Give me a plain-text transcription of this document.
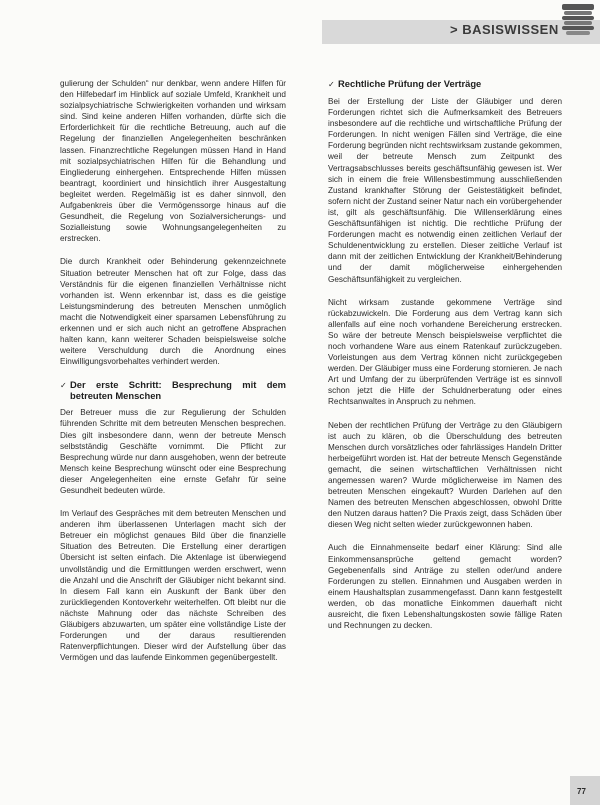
> BASISWISSEN

gulierung der Schulden“ nur denkbar, wenn andere Hilfen für den Hilfebedarf im Hinblick auf soziale Umfeld, Krankheit und sozialpsychiatrische Schwierigkeiten vorhanden und wirksam sind. Sind keine anderen Hilfen vorhanden, dürfte sich die Erforderlichkeit für die rechtliche Betreuung, auch auf die Regelung der finanziellen Angelegenheiten beschränken lassen. Finanzrechtliche Regelungen müssen Hand in Hand mit sozialpsychiatrischen Hilfen für die Behandlung und Eingliederung einhergehen. Entsprechende Hilfen müssen beantragt, koordiniert und hinsichtlich ihrer Ausgestaltung begleitet werden. Regelmäßig ist es daher sinnvoll, den Aufgabenkreis über die Vermögenssorge hinaus auf die Gesundheit, die Regelung von Sozialversicherungs- und Sozialleistung sowie Wohnungsangelegenheiten zu erstrecken.

Die durch Krankheit oder Behinderung gekennzeichnete Situation betreuter Menschen hat oft zur Folge, dass das Verständnis für die eigenen finanziellen Verhältnisse nicht vorhanden ist. Wenn erkennbar ist, dass es die geistige Leistungsminderung des betreuten Menschen unmöglich macht die Notwendigkeit einer sparsamen Lebensführung zu erkennen und er sich auch nicht an getroffene Absprachen halten kann, kann weiterer Schaden beispielsweise solche weitere Verschuldung durch die Anordnung eines Einwilligungsvorbehaltes verhindert werden.

✓ Der erste Schritt: Besprechung mit dem betreuten Menschen

Der Betreuer muss die zur Regulierung der Schulden führenden Schritte mit dem betreuten Menschen besprechen. Dies gilt insbesondere dann, wenn der betreute Mensch selbstständig Geschäfte vornimmt. Die Pflicht zur Besprechung würde nur dann ausgehoben, wenn der betreute Mensch keine Besprechung wünscht oder eine Besprechung dieser Angelegenheiten eine ernste Gefahr für seine Gesundheit bedeuten würde.

Im Verlauf des Gespräches mit dem betreuten Menschen und anderen ihm überlassenen Unterlagen macht sich der Betreuer ein möglichst genaues Bild über die finanzielle Situation des Betreuten. Die Erstellung einer derartigen Übersicht ist selten einfach. Die Aktenlage ist überwiegend unvollständig und die Ermittlungen werden erschwert, wenn die Anzahl und die Anschrift der Gläubiger nicht bekannt sind. In diesem Fall kann ein Auskunft der Bank über den zurückliegenden Kontoverkehr weiterhelfen. Oft bleibt nur die nächste Mahnung oder das nächste Schreiben des Gläubigers abzuwarten, um später eine vollständige Liste der Forderungen und der daraus resultierenden Ratenverpflichtungen. Dieser wird der Aufstellung über das Vermögen und das laufende Einkommen gegenübergestellt.

✓ Rechtliche Prüfung der Verträge

Bei der Erstellung der Liste der Gläubiger und deren Forderungen richtet sich die Aufmerksamkeit des Betreuers insbesondere auf die rechtliche und wirtschaftliche Prüfung der Forderungen. In nicht wenigen Fällen sind Verträge, die eine Forderung begründen nicht rechtswirksam zustande gekommen, weil der betreute Mensch zum Zeitpunkt des Vertragsabschlusses bereits geschäftsunfähig gewesen ist. Wer sich in einem die freie Willensbestimmung ausschließenden Zustand krankhafter Störung der Geistestätigkeit befindet, sofern nicht der Zustand seiner Natur nach ein vorübergehender ist, gilt als geschäftsunfähig. Die Willenserklärung eines Geschäftsunfähigen ist nichtig. Die rechtliche Prüfung der Forderungen macht es notwendig einen zeitlichen Verlauf der Schuldenentwicklung zu erstellen. Dieser zeitliche Verlauf ist dann mit der zeitlichen Entwicklung der Krankheit/Behinderung und der damit möglicherweise einhergehenden Geschäftsunfähigkeit zu vergleichen.

Nicht wirksam zustande gekommene Verträge sind rückabzuwickeln. Die Forderung aus dem Vertrag kann sich allenfalls auf eine noch vorhandene Bereicherung erstrecken. So wäre der betreute Mensch beispielsweise verpflichtet die noch vorhandene Ware aus einem Ratenkauf zurückzugeben. Vorleistungen aus dem Vertrag können nicht zurückgegeben werden. Der Gläubiger muss eine Forderung stornieren. Je nach Art und Umfang der zu überprüfenden Verträge ist es sinnvoll schon jetzt die Hilfe der Schuldnerberatung oder eines Rechtsanwaltes in Anspruch zu nehmen.

Neben der rechtlichen Prüfung der Verträge zu den Gläubigern ist auch zu klären, ob die Überschuldung des betreuten Menschen durch vorsätzliches oder fahrlässiges Handeln Dritter herbeigeführt worden ist. Hat der betreute Mensch Gegenstände gemacht, die seinen wirtschaftlichen Verhältnissen nicht angemessen waren? Wurde möglicherweise im Namen des betreuten Menschen eingekauft? Wurden Darlehen auf den Namen des betreuten Menschen abgeschlossen, obwohl Dritte den Nutzen daraus hatten? Die Praxis zeigt, dass Schäden über diesen Weg nicht selten wieder zurückgewonnen haben.

Auch die Einnahmenseite bedarf einer Klärung: Sind alle Einkommensansprüche geltend gemacht worden? Gegebenenfalls sind Anträge zu stellen oder/und andere Forderungen zu stellen. Einnahmen und Ausgaben werden in einem Haushaltsplan zusammengefasst. Dann kann festgestellt werden, ob das monatliche Einkommen dauerhaft nicht ausreicht, die fixen Lebenshaltungskosten sowie fällige Raten und Rechnungen zu decken.

77
